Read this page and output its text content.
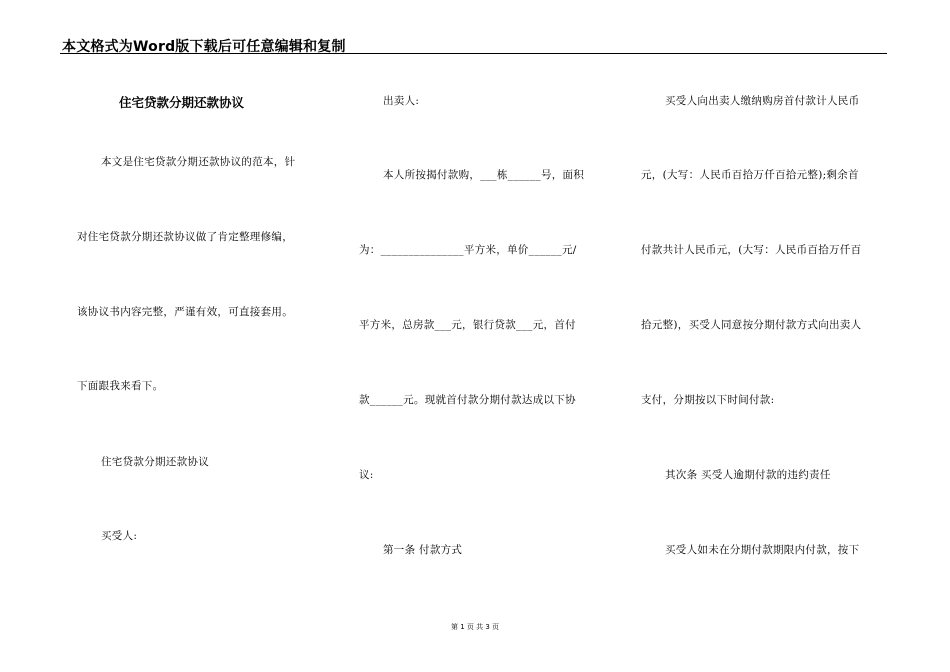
本文格式为Word版下载后可任意编辑和复制
住宅贷款分期还款协议
本文是住宅贷款分期还款协议的范本，针
对住宅贷款分期还款协议做了肯定整理修编，
该协议书内容完整，严谨有效，可直接套用。
下面跟我来看下。
住宅贷款分期还款协议
买受人:
出卖人:
本人所按揭付款购，___栋______号，面积
为：_______________平方米，单价______元/
平方米，总房款___元，银行贷款___元，首付
款______元。现就首付款分期付款达成以下协
议:
第一条 付款方式
买受人向出卖人缴纳购房首付款计人民币
元，(大写：人民币百拾万仟百拾元整);剩余首
付款共计人民币元，(大写：人民币百拾万仟百
拾元整)，买受人同意按分期付款方式向出卖人
支付，分期按以下时间付款:
其次条 买受人逾期付款的违约责任
买受人如未在分期付款期限内付款，按下
第 1 页 共 3 页
